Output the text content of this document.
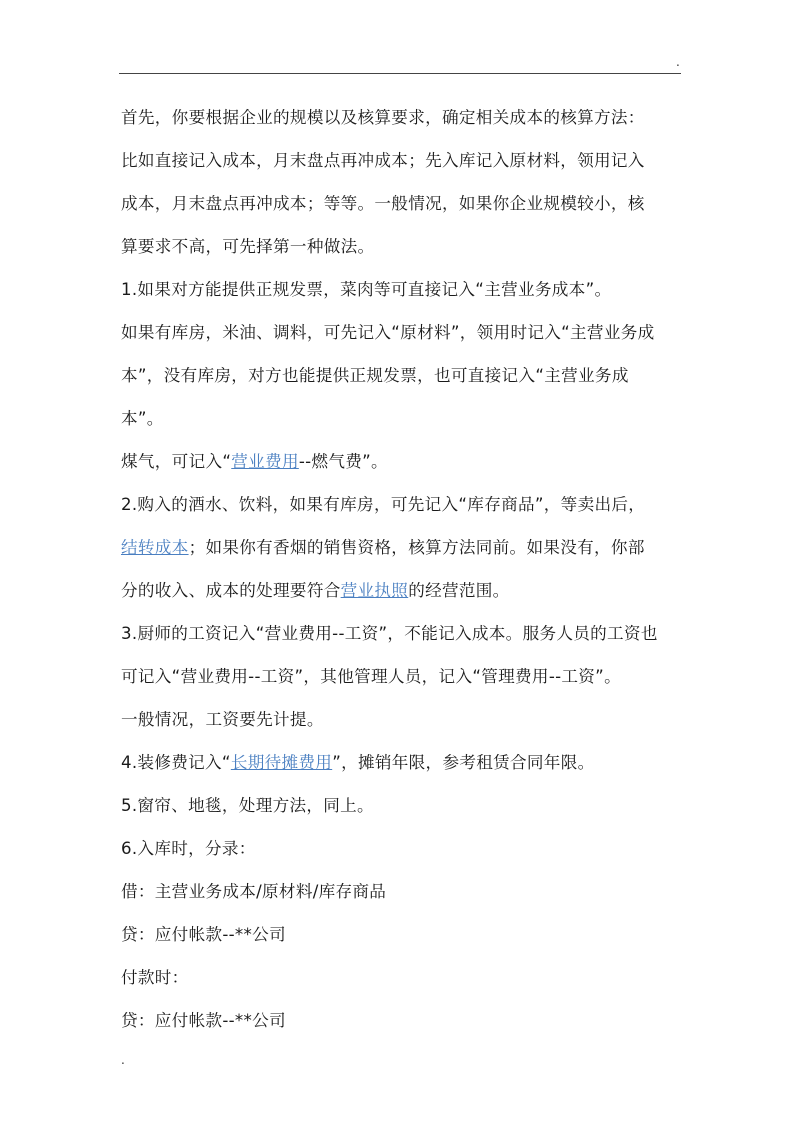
.
首先，你要根据企业的规模以及核算要求，确定相关成本的核算方法：
比如直接记入成本，月末盘点再冲成本；先入库记入原材料，领用记入
成本，月末盘点再冲成本；等等。一般情况，如果你企业规模较小，核
算要求不高，可先择第一种做法。
1.如果对方能提供正规发票，菜肉等可直接记入“主营业务成本”。
如果有库房，米油、调料，可先记入“原材料”，领用时记入“主营业务成
本”，没有库房，对方也能提供正规发票，也可直接记入“主营业务成
本”。
煤气，可记入“营业费用--燃气费”。
2.购入的酒水、饮料，如果有库房，可先记入“库存商品”，等卖出后，
结转成本；如果你有香烟的销售资格，核算方法同前。如果没有，你部
分的收入、成本的处理要符合营业执照的经营范围。
3.厨师的工资记入“营业费用--工资”，不能记入成本。服务人员的工资也
可记入“营业费用--工资”，其他管理人员，记入“管理费用--工资”。
一般情况，工资要先计提。
4.装修费记入“长期待摊费用”，摊销年限，参考租赁合同年限。
5.窗帘、地毯，处理方法，同上。
6.入库时，分录：
借：主营业务成本/原材料/库存商品
贷：应付帐款--**公司
付款时：
贷：应付帐款--**公司
.
